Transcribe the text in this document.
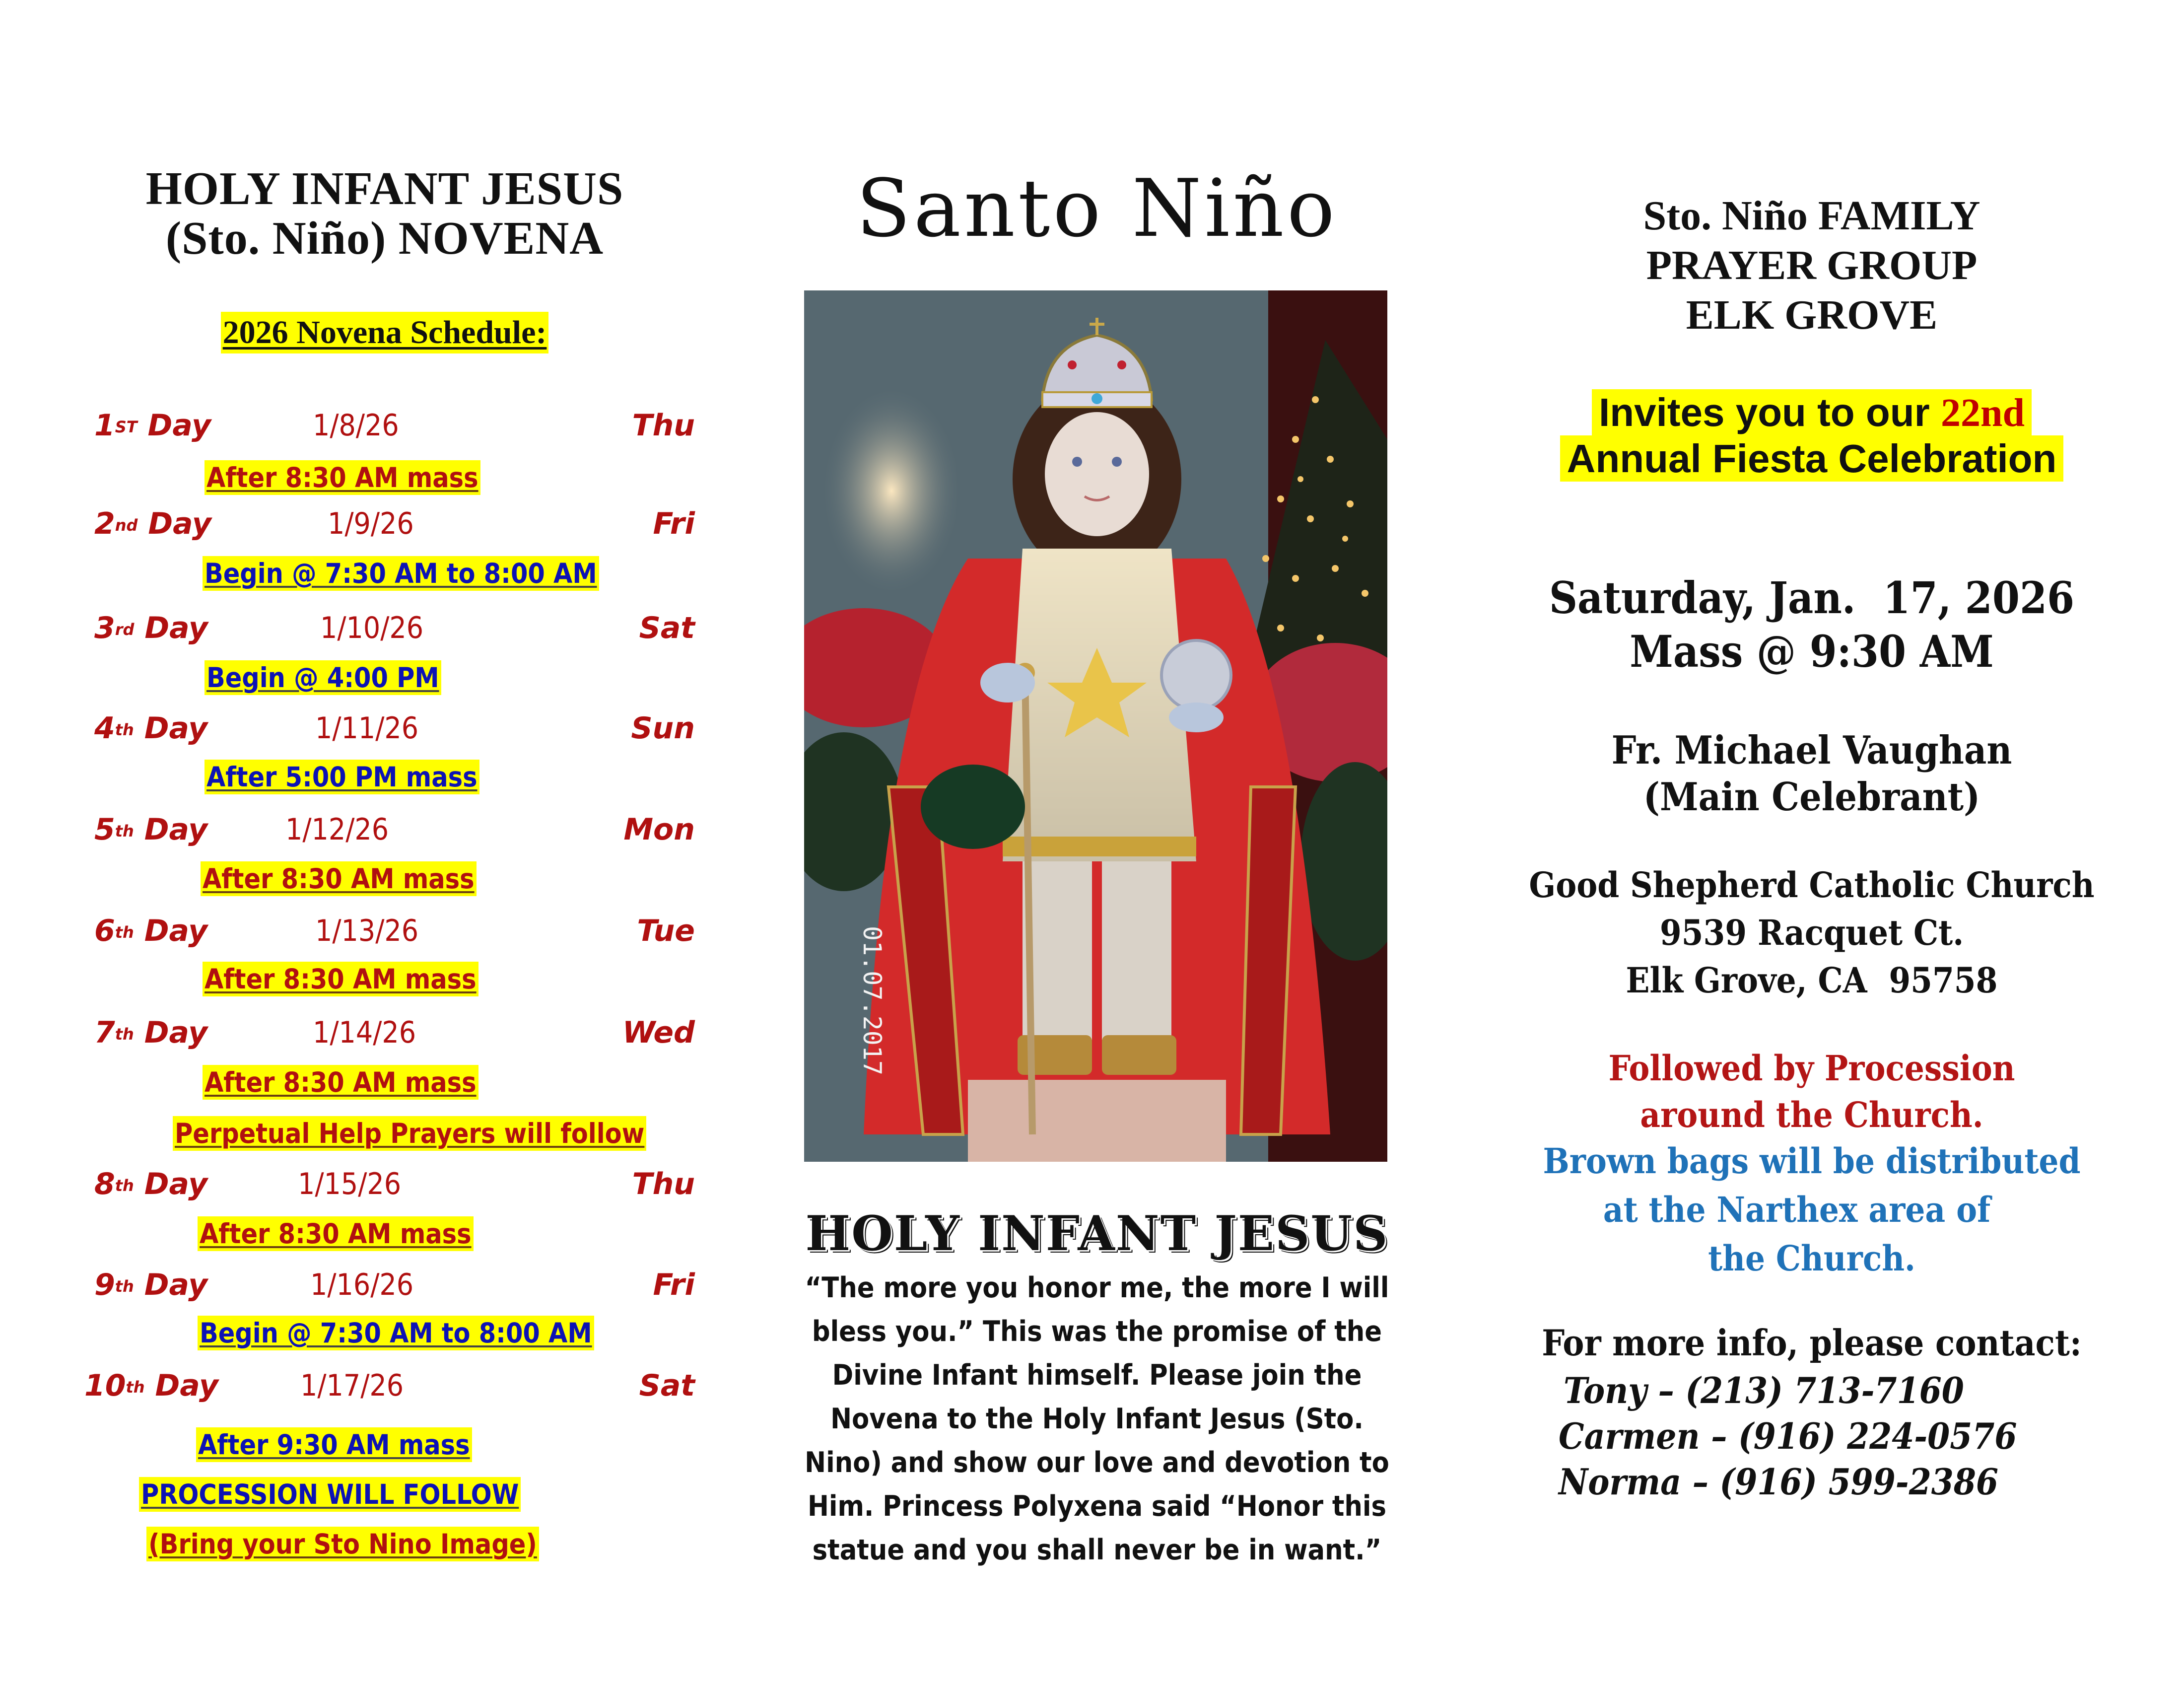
HOLY INFANT JESUS
(Sto. Niño) NOVENA
2026 Novena Schedule:
1ST Day	1/8/26	Thu
After 8:30 AM mass
2nd Day	1/9/26	Fri
Begin @ 7:30 AM to 8:00 AM
3rd Day	1/10/26	Sat
Begin @ 4:00 PM
4th Day	1/11/26	Sun
After 5:00 PM mass
5th Day	1/12/26	Mon
After 8:30 AM mass
6th Day	1/13/26	Tue
After 8:30 AM mass
7th Day	1/14/26	Wed
After 8:30 AM mass
Perpetual Help Prayers will follow
8th Day	1/15/26	Thu
After 8:30 AM mass
9th Day	1/16/26	Fri
Begin @ 7:30 AM to 8:00 AM
10th Day	1/17/26	Sat
After 9:30 AM mass
PROCESSION WILL FOLLOW
(Bring your Sto Nino Image)
Santo Niño
01.07.2017
HOLY INFANT JESUS
“The more you honor me, the more I will
bless you.” This was the promise of the
Divine Infant himself. Please join the
Novena to the Holy Infant Jesus (Sto.
Nino) and show our love and devotion to
Him. Princess Polyxena said “Honor this
statue and you shall never be in want.”
Sto. Niño FAMILY
PRAYER GROUP
ELK GROVE
Invites you to our 22nd
Annual Fiesta Celebration
Saturday, Jan.  17, 2026
Mass @ 9:30 AM
Fr. Michael Vaughan
(Main Celebrant)
Good Shepherd Catholic Church
9539 Racquet Ct.
Elk Grove, CA  95758
Followed by Procession
around the Church.
Brown bags will be distributed
at the Narthex area of
the Church.
For more info, please contact:
Tony – (213) 713-7160
Carmen – (916) 224-0576
Norma – (916) 599-2386
